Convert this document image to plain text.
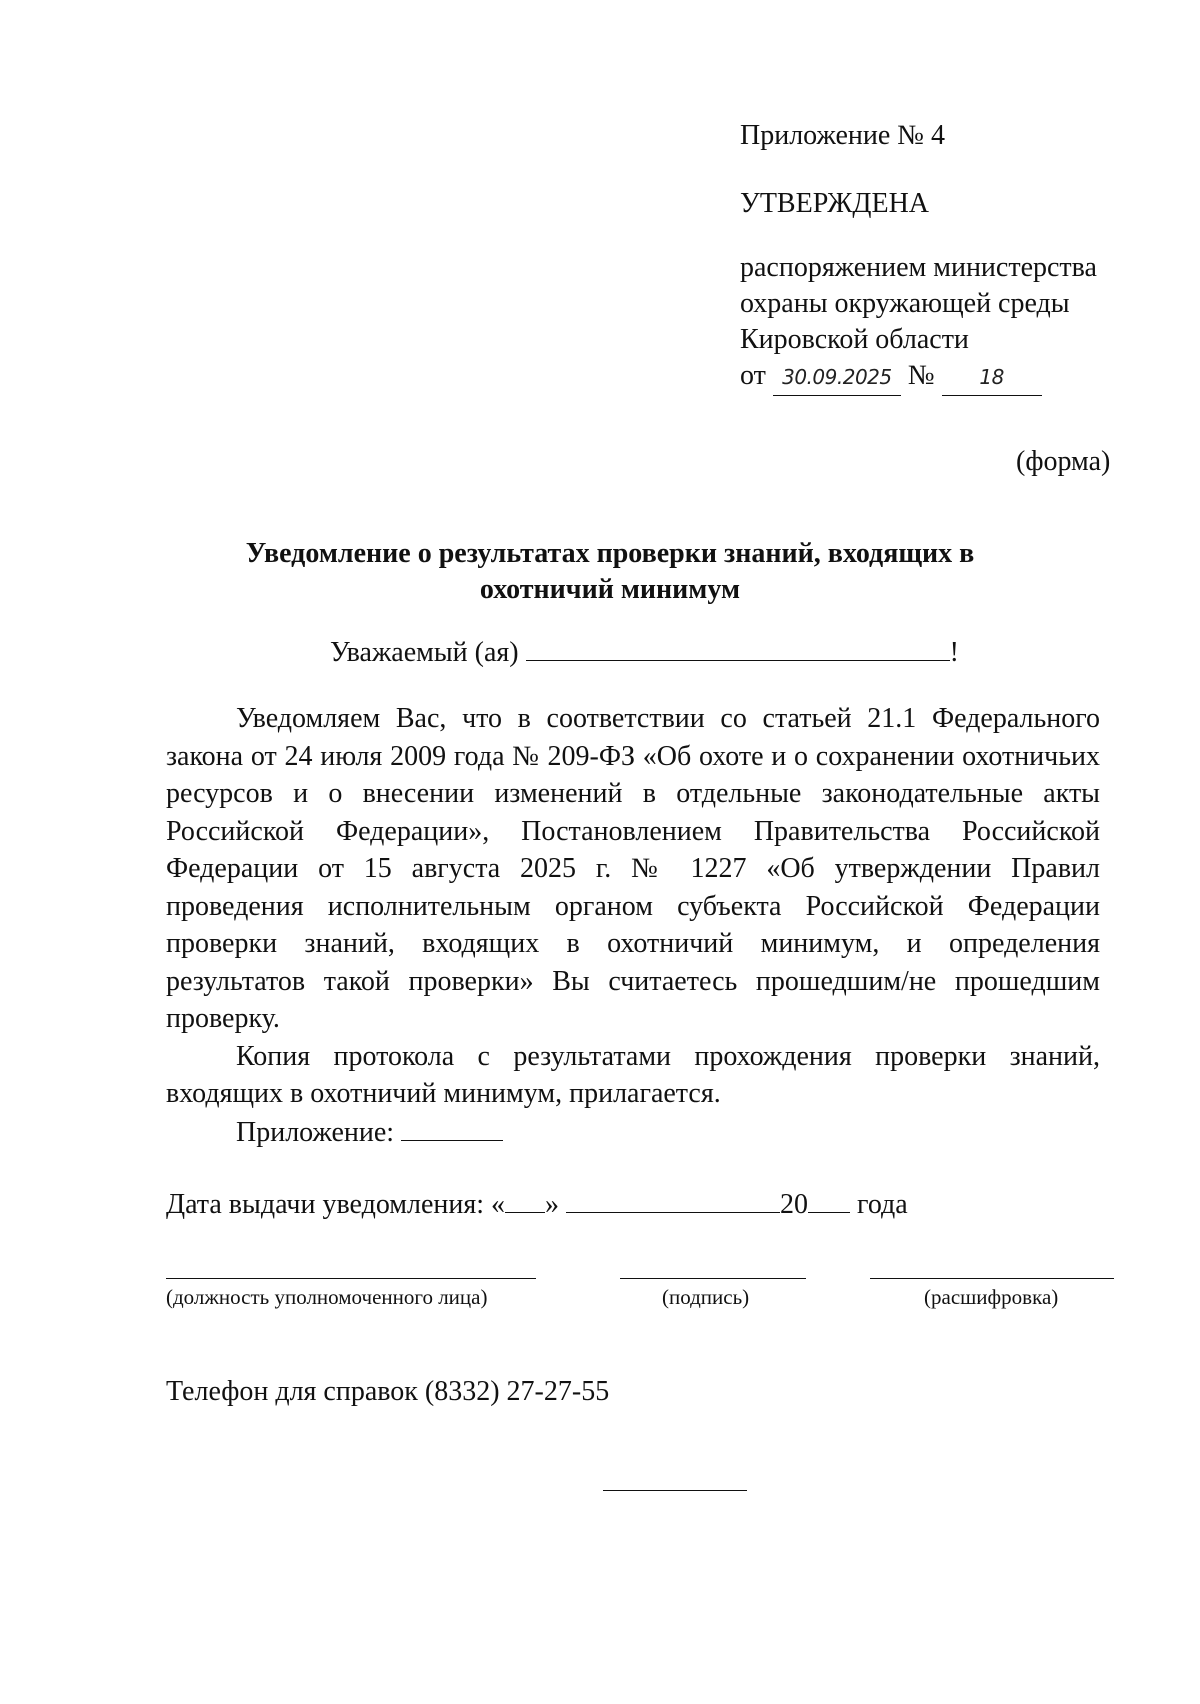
Приложение № 4
УТВЕРЖДЕНА
распоряжением министерства
охраны окружающей среды
Кировской области
от 30.09.2025 № 18
(форма)
Уведомление о результатах проверки знаний, входящих в
охотничий минимум
Уважаемый (ая)	!

Уведомляем Вас, что в соответствии со статьей 21.1 Федерального закона от 24 июля 2009 года № 209-ФЗ «Об охоте и о сохранении охотничьих ресурсов и о внесении изменений в отдельные законодательные акты Российской Федерации», Постановлением Правительства Российской Федерации от 15 августа 2025 г. № 1227 «Об утверждении Правил проведения исполнительным органом субъекта Российской Федерации проверки знаний, входящих в охотничий минимум, и определения результатов такой проверки» Вы считаетесь прошедшим/не прошедшим проверку.

Копия протокола с результатами прохождения проверки знаний, входящих в охотничий минимум, прилагается.

Приложение:
Дата выдачи уведомления: « »	20 года
(должность уполномоченного лица)	(подпись)	(расшифровка)
Телефон для справок (8332) 27-27-55
